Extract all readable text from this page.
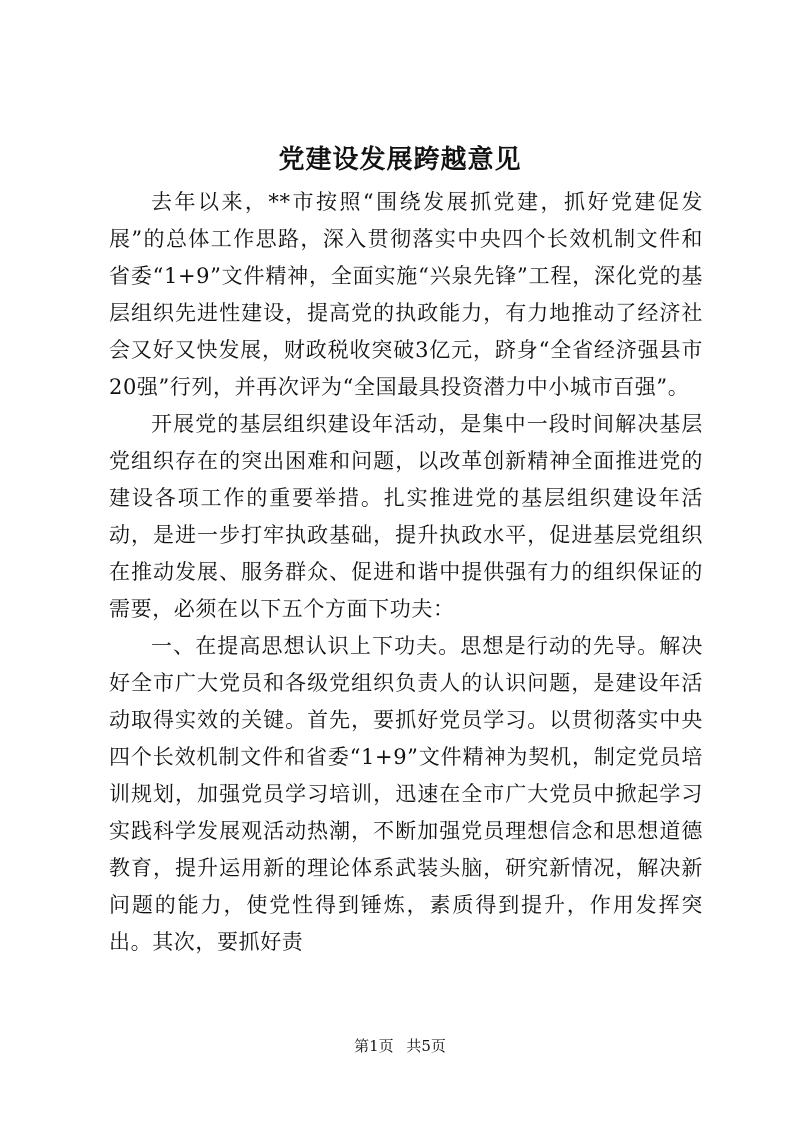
党建设发展跨越意见

去年以来，**市按照“围绕发展抓党建，抓好党建促发展”的总体工作思路，深入贯彻落实中央四个长效机制文件和省委“1+9”文件精神，全面实施“兴泉先锋”工程，深化党的基层组织先进性建设，提高党的执政能力，有力地推动了经济社会又好又快发展，财政税收突破3亿元，跻身“全省经济强县市20强”行列，并再次评为“全国最具投资潜力中小城市百强”。

开展党的基层组织建设年活动，是集中一段时间解决基层党组织存在的突出困难和问题，以改革创新精神全面推进党的建设各项工作的重要举措。扎实推进党的基层组织建设年活动，是进一步打牢执政基础，提升执政水平，促进基层党组织在推动发展、服务群众、促进和谐中提供强有力的组织保证的需要，必须在以下五个方面下功夫：

一、在提高思想认识上下功夫。思想是行动的先导。解决好全市广大党员和各级党组织负责人的认识问题，是建设年活动取得实效的关键。首先，要抓好党员学习。以贯彻落实中央四个长效机制文件和省委“1+9”文件精神为契机，制定党员培训规划，加强党员学习培训，迅速在全市广大党员中掀起学习实践科学发展观活动热潮，不断加强党员理想信念和思想道德教育，提升运用新的理论体系武装头脑，研究新情况，解决新问题的能力，使党性得到锤炼，素质得到提升，作用发挥突出。其次，要抓好责

第1页 共5页
